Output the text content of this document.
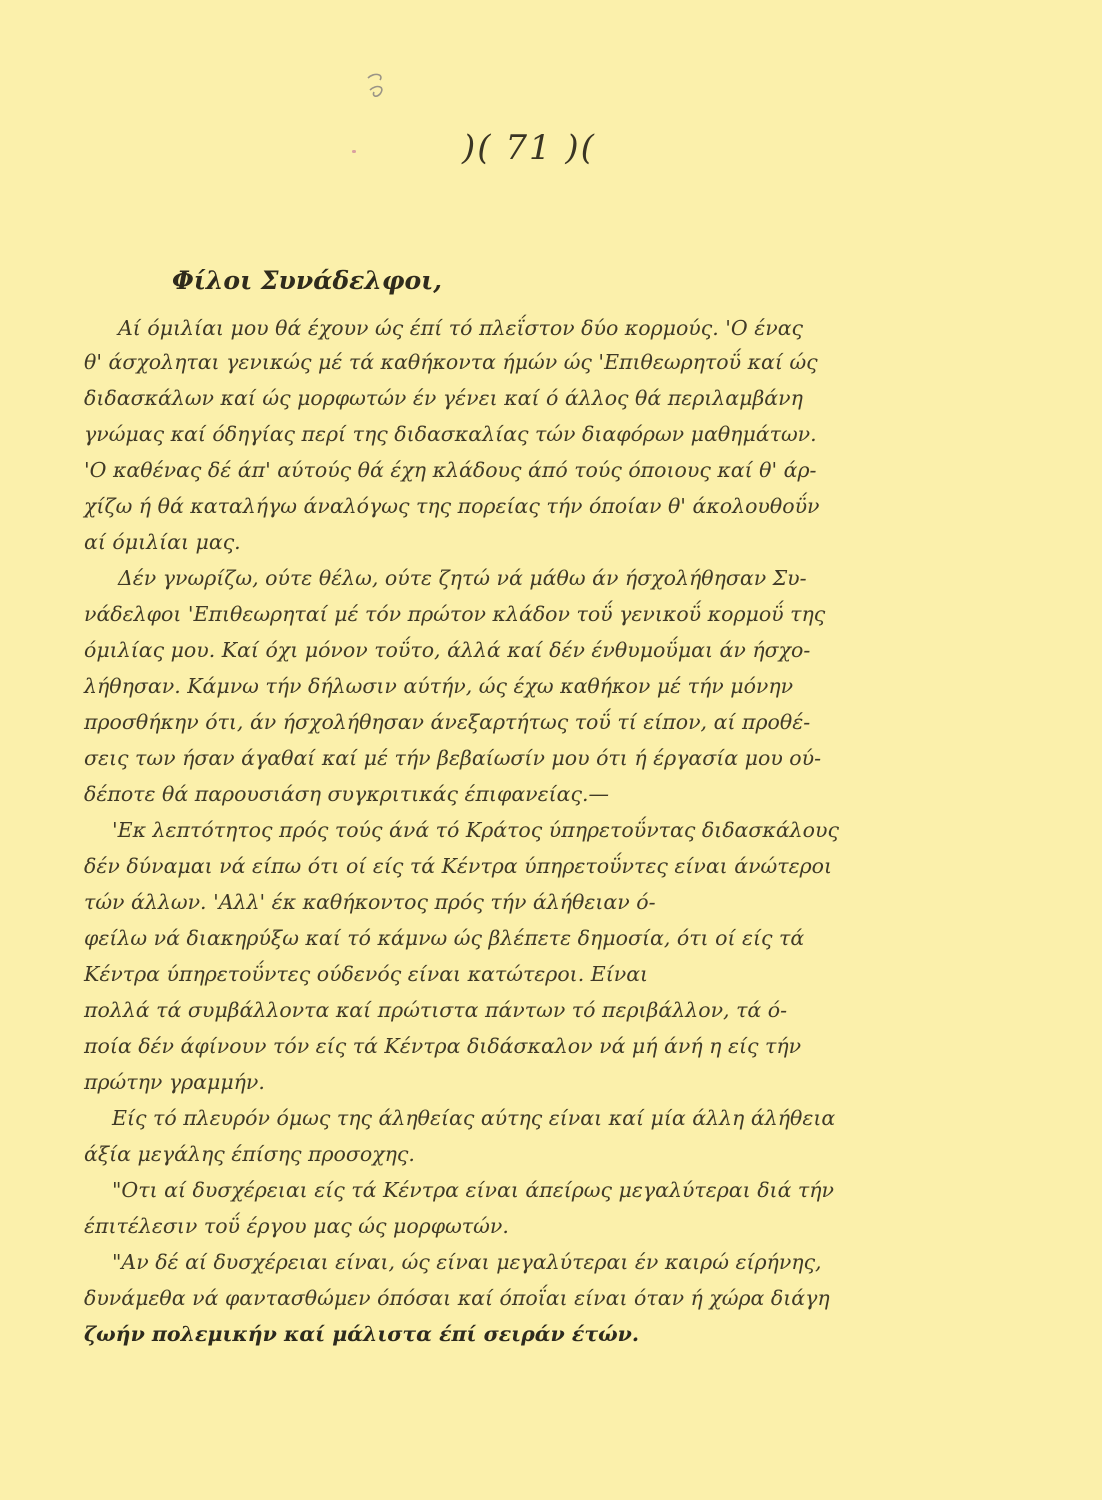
)( 71 )(
Φίλοι Συνάδελφοι,
Αί όμιλίαι μου θά έχουν ώς έπί τό πλεΐστον δύο κορμούς. 'Ο ένας
θ' άσχοληται γενικώς μέ τά καθήκοντα ήμών ώς 'Επιθεωρητοΰ καί ώς
διδασκάλων καί ώς μορφωτών έν γένει καί ό άλλος θά περιλαμβάνη
γνώμας καί όδηγίας περί της διδασκαλίας τών διαφόρων μαθημάτων.
'Ο καθένας δέ άπ' αύτούς θά έχη κλάδους άπό τούς όποιους καί θ' άρ-
χίζω ή θά καταλήγω άναλόγως της πορείας τήν όποίαν θ' άκολουθοΰν
αί όμιλίαι μας.
Δέν γνωρίζω, ούτε θέλω, ούτε ζητώ νά μάθω άν ήσχολήθησαν Συ-
νάδελφοι 'Επιθεωρηταί μέ τόν πρώτον κλάδον τοΰ γενικοΰ κορμοΰ της
όμιλίας μου. Καί όχι μόνον τοΰτο, άλλά καί δέν ένθυμοΰμαι άν ήσχο-
λήθησαν. Κάμνω τήν δήλωσιν αύτήν, ώς έχω καθήκον μέ τήν μόνην
προσθήκην ότι, άν ήσχολήθησαν άνεξαρτήτως τοΰ τί είπον, αί προθέ-
σεις των ήσαν άγαθαί καί μέ τήν βεβαίωσίν μου ότι ή έργασία μου ού-
δέποτε θά παρουσιάση συγκριτικάς έπιφανείας.—
'Εκ λεπτότητος πρός τούς άνά τό Κράτος ύπηρετοΰντας διδασκάλους
δέν δύναμαι νά είπω ότι οί είς τά Κέντρα ύπηρετοΰντες είναι άνώτεροι
τών άλλων. 'Αλλ' έκ καθήκοντος πρός τήν άλήθειαν ό-
φείλω νά διακηρύξω καί τό κάμνω ώς βλέπετε δημοσία, ότι οί είς τά
Κέντρα ύπηρετοΰντες ούδενός είναι κατώτεροι. Είναι
πολλά τά συμβάλλοντα καί πρώτιστα πάντων τό περιβάλλον, τά ό-
ποία δέν άφίνουν τόν είς τά Κέντρα διδάσκαλον νά μή άνή η είς τήν
πρώτην γραμμήν.
Είς τό πλευρόν όμως της άληθείας αύτης είναι καί μία άλλη άλήθεια
άξία μεγάλης έπίσης προσοχης.
"Οτι αί δυσχέρειαι είς τά Κέντρα είναι άπείρως μεγαλύτεραι διά τήν
έπιτέλεσιν τοΰ έργου μας ώς μορφωτών.
"Αν δέ αί δυσχέρειαι είναι, ώς είναι μεγαλύτεραι έν καιρώ είρήνης,
δυνάμεθα νά φαντασθώμεν όπόσαι καί όποΐαι είναι όταν ή χώρα διάγη
ζωήν πολεμικήν καί μάλιστα έπί σειράν έτών.
